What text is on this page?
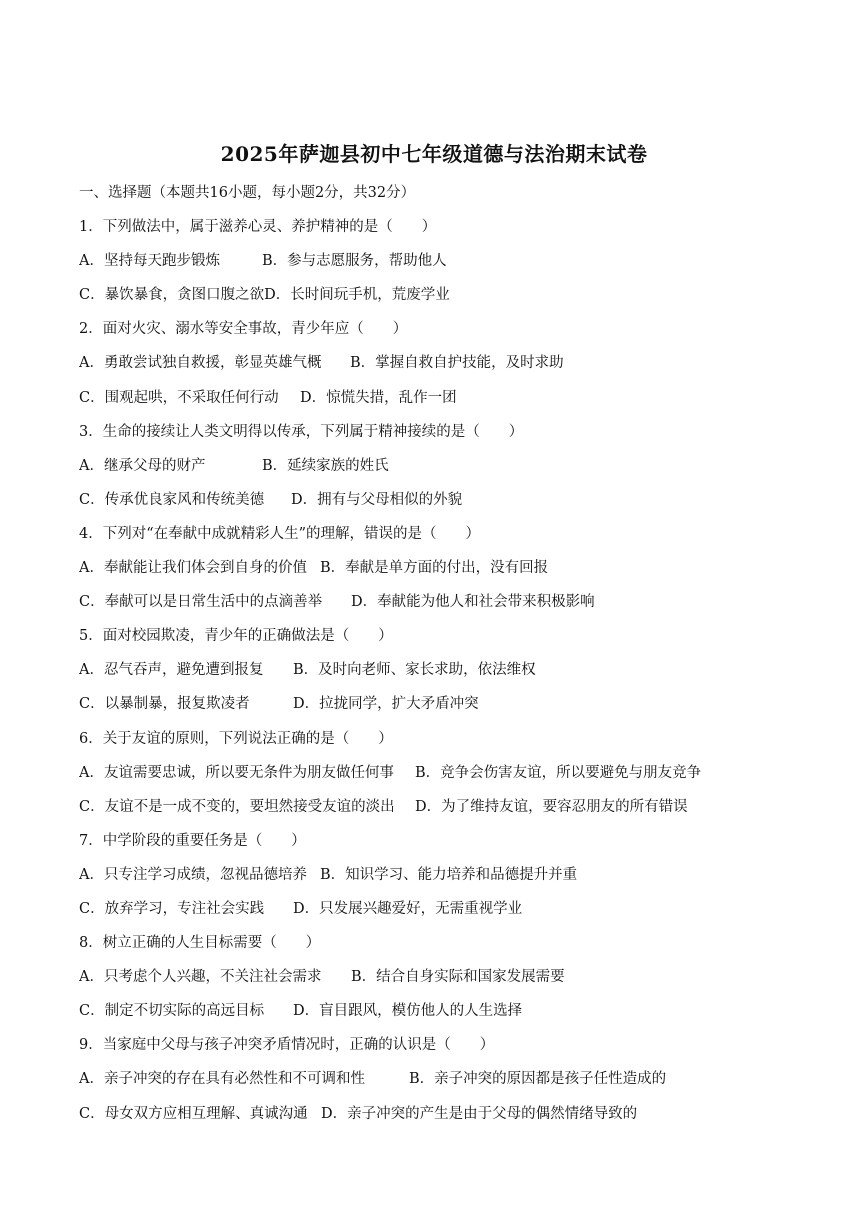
2025年萨迦县初中七年级道德与法治期末试卷
一、选择题（本题共16小题，每小题2分，共32分）
1．下列做法中，属于滋养心灵、养护精神的是（　　）
A．坚持每天跑步锻炼	B．参与志愿服务，帮助他人
C．暴饮暴食，贪图口腹之欲D．长时间玩手机，荒废学业
2．面对火灾、溺水等安全事故，青少年应（　　）
A．勇敢尝试独自救援，彰显英雄气概 B．掌握自救自护技能，及时求助
C．围观起哄，不采取任何行动 D．惊慌失措，乱作一团
3．生命的接续让人类文明得以传承，下列属于精神接续的是（　　）
A．继承父母的财产	B．延续家族的姓氏
C．传承优良家风和传统美德 D．拥有与父母相似的外貌
4．下列对“在奉献中成就精彩人生”的理解，错误的是（　　）
A．奉献能让我们体会到自身的价值 B．奉献是单方面的付出，没有回报
C．奉献可以是日常生活中的点滴善举 D．奉献能为他人和社会带来积极影响
5．面对校园欺凌，青少年的正确做法是（　　）
A．忍气吞声，避免遭到报复 B．及时向老师、家长求助，依法维权
C．以暴制暴，报复欺凌者	D．拉拢同学，扩大矛盾冲突
6．关于友谊的原则，下列说法正确的是（　　）
A．友谊需要忠诚，所以要无条件为朋友做任何事 B．竞争会伤害友谊，所以要避免与朋友竞争
C．友谊不是一成不变的，要坦然接受友谊的淡出 D．为了维持友谊，要容忍朋友的所有错误
7．中学阶段的重要任务是（　　）
A．只专注学习成绩，忽视品德培养 B．知识学习、能力培养和品德提升并重
C．放弃学习，专注社会实践 D．只发展兴趣爱好，无需重视学业
8．树立正确的人生目标需要（　　）
A．只考虑个人兴趣，不关注社会需求 B．结合自身实际和国家发展需要
C．制定不切实际的高远目标 D．盲目跟风，模仿他人的人生选择
9．当家庭中父母与孩子冲突矛盾情况时，正确的认识是（　　）
A．亲子冲突的存在具有必然性和不可调和性	B．亲子冲突的原因都是孩子任性造成的
C．母女双方应相互理解、真诚沟通 D．亲子冲突的产生是由于父母的偶然情绪导致的
